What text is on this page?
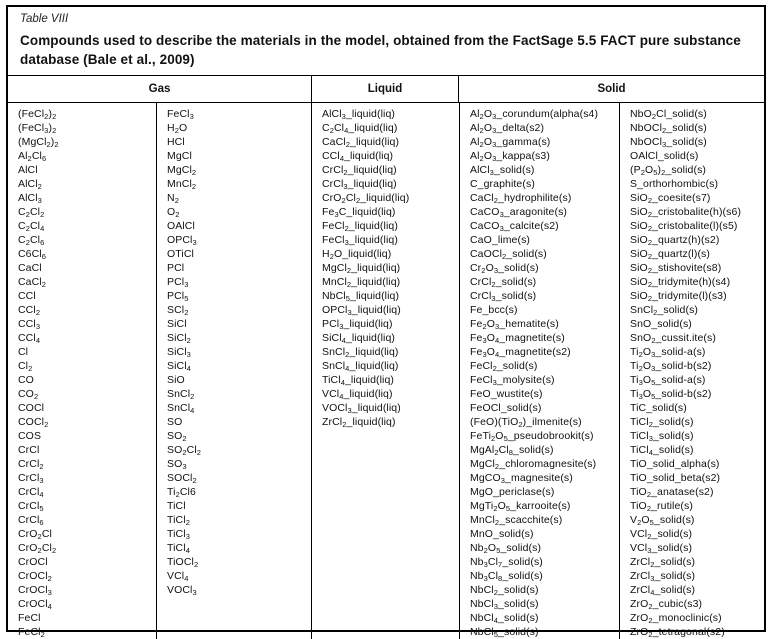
Table VIII
Compounds used to describe the materials in the model, obtained from the FactSage 5.5 FACT pure substance database (Bale et al., 2009)
Gas	Liquid	Solid
$(FeCl_2)_2$
$(FeCl_3)_2$
$(MgCl_2)_2$
$Al_2Cl_6$
AlCl
AlCl$_2$
AlCl$_3$
$C_2Cl_2$
$C_2Cl_4$
$C_2Cl_6$
$C6Cl_6$
CaCl
CaCl$_2$
CCl
CCl$_2$
CCl$_3$
CCl$_4$
Cl
$Cl_2$
CO
$CO_2$
COCl
COCl$_2$
COS
CrCl
CrCl$_2$
CrCl$_3$
CrCl$_4$
CrCl$_5$
CrCl$_6$
CrO$_2$Cl
$CrO_2Cl_2$
CrOCl
CrOCl$_2$
CrOCl$_3$
CrOCl$_4$
FeCl
FeCl$_2$
FeCl$_3$
$H_2O$
HCl
MgCl
MgCl$_2$
MnCl$_2$
$N_2$
$O_2$
OAlCl
OPCl$_3$
OTiCl
PCl
PCl$_3$
PCl$_5$
SCl$_2$
SiCl
SiCl$_2$
SiCl$_3$
SiCl$_4$
SiO
SnCl$_2$
SnCl$_4$
SO
$SO_2$
$SO_2Cl_2$
$SO_3$
SOCl$_2$
$Ti_2Cl6$
TiCl
TiCl$_2$
TiCl$_3$
TiCl$_4$
TiOCl$_2$
VCl$_4$
VOCl$_3$
AlCl$_3$_liquid(liq)
$C_2Cl_4\_liquid(liq)$
CaCl$_2$_liquid(liq)
CCl$_4$_liquid(liq)
CrCl$_2$_liquid(liq)
CrCl$_3$_liquid(liq)
$CrO_2Cl_2\_liquid(liq)$
$Fe_3C\_liquid(liq)$
FeCl$_2$_liquid(liq)
FeCl$_3$_liquid(liq)
$H_2O\_liquid(liq)$
MgCl$_2$_liquid(liq)
MnCl$_2$_liquid(liq)
NbCl$_5$_liquid(liq)
OPCl$_3$_liquid(liq)
PCl$_3$_liquid(liq)
SiCl$_4$_liquid(liq)
SnCl$_2$_liquid(liq)
SnCl$_4$_liquid(liq)
TiCl$_4$_liquid(liq)
VCl$_4$_liquid(liq)
VOCl$_3$_liquid(liq)
ZrCl$_2$_liquid(liq)
$Al_2O_3\_corundum(alpha(s4)$
$Al_2O_3\_delta(s2)$
$Al_2O_3\_gamma(s)$
$Al_2O_3\_kappa(s3)$
AlCl$_3$_solid(s)
C_graphite(s)
CaCl$_2$_hydrophilite(s)
CaCO$_3$_aragonite(s)
CaCO$_3$_calcite(s2)
CaO_lime(s)
CaOCl$_2$_solid(s)
$Cr_2O_3\_solid(s)$
CrCl$_2$_solid(s)
CrCl$_3$_solid(s)
Fe_bcc(s)
$Fe_2O_3\_hematite(s)$
$Fe_3O_4\_magnetite(s)$
$Fe_3O_4\_magnetite(s2)$
FeCl$_2$_solid(s)
FeCl$_3$_molysite(s)
FeO_wustite(s)
FeOCl_solid(s)
(FeO)(TiO$_2$)_ilmenite(s)
$FeTi_2O_5\_pseudobrookit(s)$
$MgAl_2Cl_8\_solid(s)$
MgCl$_2$_chloromagnesite(s)
MgCO$_3$_magnesite(s)
MgO_periclase(s)
$MgTi_2O_5\_karrooite(s)$
MnCl$_2$_scacchite(s)
MnO_solid(s)
$Nb_2O_5\_solid(s)$
$Nb_3Cl_7\_solid(s)$
$Nb_3Cl_8\_solid(s)$
NbCl$_2$_solid(s)
NbCl$_3$_solid(s)
NbCl$_4$_solid(s)
NbCl$_5$_solid(s)
NbO$_2$Cl_solid(s)
NbOCl$_2$_solid(s)
NbOCl$_3$_solid(s)
OAlCl_solid(s)
$(P_2O_5)_2\_solid(s)$
S_orthorhombic(s)
SiO$_2$_coesite(s7)
SiO$_2$_cristobalite(h)(s6)
SiO$_2$_cristobalite(l)(s5)
SiO$_2$_quartz(h)(s2)
SiO$_2$_quartz(l)(s)
SiO$_2$_stishovite(s8)
SiO$_2$_tridymite(h)(s4)
SiO$_2$_tridymite(l)(s3)
SnCl$_2$_solid(s)
SnO_solid(s)
SnO$_2$_cussit.ite(s)
$Ti_2O_3\_solid-a(s)$
$Ti_2O_3\_solid-b(s2)$
$Ti_3O_5\_solid-a(s)$
$Ti_3O_5\_solid-b(s2)$
TiC_solid(s)
TiCl$_2$_solid(s)
TiCl$_3$_solid(s)
TiCl$_4$_solid(s)
TiO_solid_alpha(s)
TiO_solid_beta(s2)
TiO$_2$_anatase(s2)
TiO$_2$_rutile(s)
$V_2O_5\_solid(s)$
VCl$_2$_solid(s)
VCl$_3$_solid(s)
ZrCl$_2$_solid(s)
ZrCl$_3$_solid(s)
ZrCl$_4$_solid(s)
ZrO$_2$_cubic(s3)
ZrO$_2$_monoclinic(s)
ZrO$_2$_tetragonal(s2)
